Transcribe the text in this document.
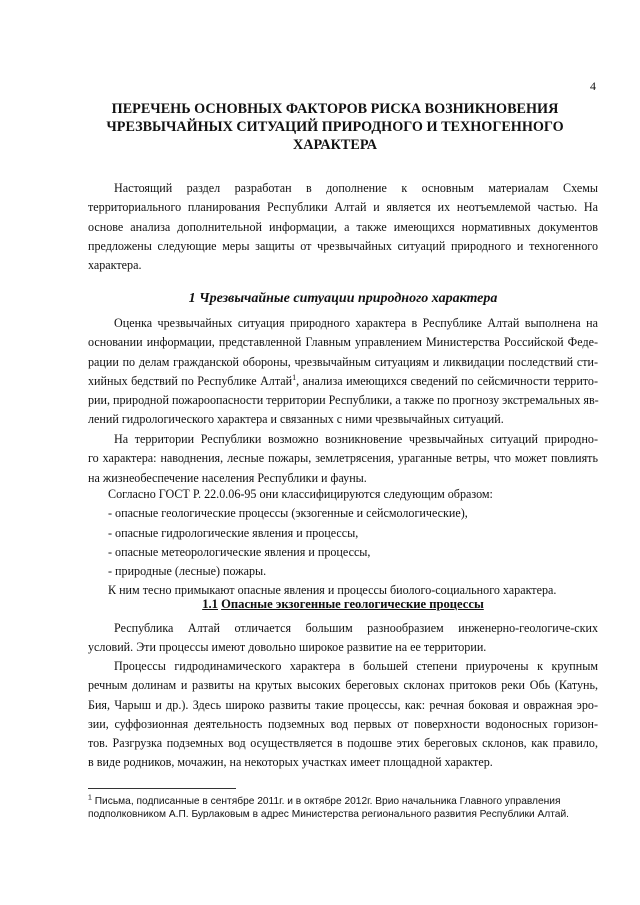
4
ПЕРЕЧЕНЬ ОСНОВНЫХ ФАКТОРОВ РИСКА ВОЗНИКНОВЕНИЯ
ЧРЕЗВЫЧАЙНЫХ СИТУАЦИЙ ПРИРОДНОГО И ТЕХНОГЕННОГО
ХАРАКТЕРА
Настоящий раздел разработан в дополнение к основным материалам Схемы
территориального планирования Республики Алтай и является их неотъемлемой частью. На
основе анализа дополнительной информации, а также имеющихся нормативных документов
предложены следующие меры защиты от чрезвычайных ситуаций природного и техногенного
характера.
1 Чрезвычайные ситуации природного характера
Оценка чрезвычайных ситуация природного характера в Республике Алтай выполнена на
основании информации, представленной Главным управлением Министерства Российской Феде-
рации по делам гражданской обороны, чрезвычайным ситуациям и ликвидации последствий сти-
хийных бедствий по Республике Алтай$^1$, анализа имеющихся сведений по сейсмичности террито-
рии, природной пожароопасности территории Республики, а также по прогнозу экстремальных яв-
лений гидрологического характера и связанных с ними чрезвычайных ситуаций.
На территории Республики возможно возникновение чрезвычайных ситуаций природно-
го характера: наводнения, лесные пожары, землетрясения, ураганные ветры, что может повлиять
на жизнеобеспечение населения Республики и фауны.
Согласно ГОСТ Р. 22.0.06-95 они классифицируются следующим образом:
- опасные геологические процессы (экзогенные и сейсмологические),
- опасные гидрологические явления и процессы,
- опасные метеорологические явления и процессы,
- природные (лесные) пожары.
К ним тесно примыкают опасные явления и процессы биолого-социального характера.
1.1 Опасные экзогенные геологические процессы
Республика Алтай отличается большим разнообразием инженерно-геологиче-ских
условий. Эти процессы имеют довольно широкое развитие на ее территории.
Процессы гидродинамического характера в большей степени приурочены к крупным
речным долинам и развиты на крутых высоких береговых склонах притоков реки Обь (Катунь,
Бия, Чарыш и др.). Здесь широко развиты такие процессы, как: речная боковая и овражная эро-
зии, суффозионная деятельность подземных вод первых от поверхности водоносных горизон-
тов. Разгрузка подземных вод осуществляется в подошве этих береговых склонов, как правило,
в виде родников, мочажин, на некоторых участках имеет площадной характер.
$^1$ Письма, подписанные в сентябре 2011г. и в октябре 2012г. Врио начальника Главного управления
подполковником А.П. Бурлаковым в адрес Министерства регионального развития Республики Алтай.
